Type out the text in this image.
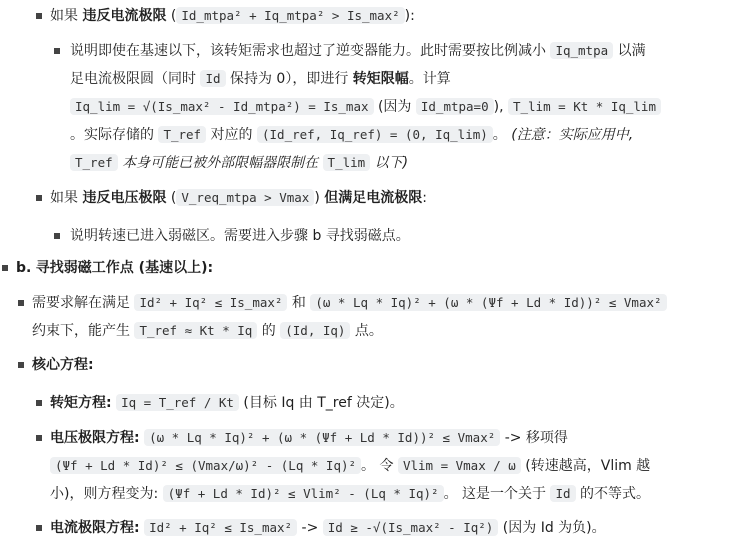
如果 违反电流极限 ( Id_mtpa² + Iq_mtpa² > Is_max² ):
说明即使在基速以下，该转矩需求也超过了逆变器能力。此时需要按比例减小 Iq_mtpa 以满
足电流极限圆（同时 Id 保持为 0），即进行 转矩限幅。计算
Iq_lim = √(Is_max² - Id_mtpa²) = Is_max (因为 Id_mtpa=0 ), T_lim = Kt * Iq_lim
。实际存储的 T_ref 对应的 (Id_ref, Iq_ref) = (0, Iq_lim) 。 (注意：实际应用中,
T_ref 本身可能已被外部限幅器限制在 T_lim 以下)
如果 违反电压极限 ( V_req_mtpa > Vmax ) 但满足电流极限:
说明转速已进入弱磁区。需要进入步骤 b 寻找弱磁点。
b. 寻找弱磁工作点 (基速以上):
需要求解在满足 Id² + Iq² ≤ Is_max² 和 (ω * Lq * Iq)² + (ω * (Ψf + Ld * Id))² ≤ Vmax²
约束下，能产生 T_ref ≈ Kt * Iq 的 (Id, Iq) 点。
核心方程:
转矩方程: Iq = T_ref / Kt (目标 Iq 由 T_ref 决定)。
电压极限方程: (ω * Lq * Iq)² + (ω * (Ψf + Ld * Id))² ≤ Vmax² -> 移项得
(Ψf + Ld * Id)² ≤ (Vmax/ω)² - (Lq * Iq)² 。 令 Vlim = Vmax / ω (转速越高，Vlim 越
小)，则方程变为: (Ψf + Ld * Id)² ≤ Vlim² - (Lq * Iq)² 。 这是一个关于 Id 的不等式。
电流极限方程: Id² + Iq² ≤ Is_max² -> Id ≥ -√(Is_max² - Iq²) (因为 Id 为负)。
